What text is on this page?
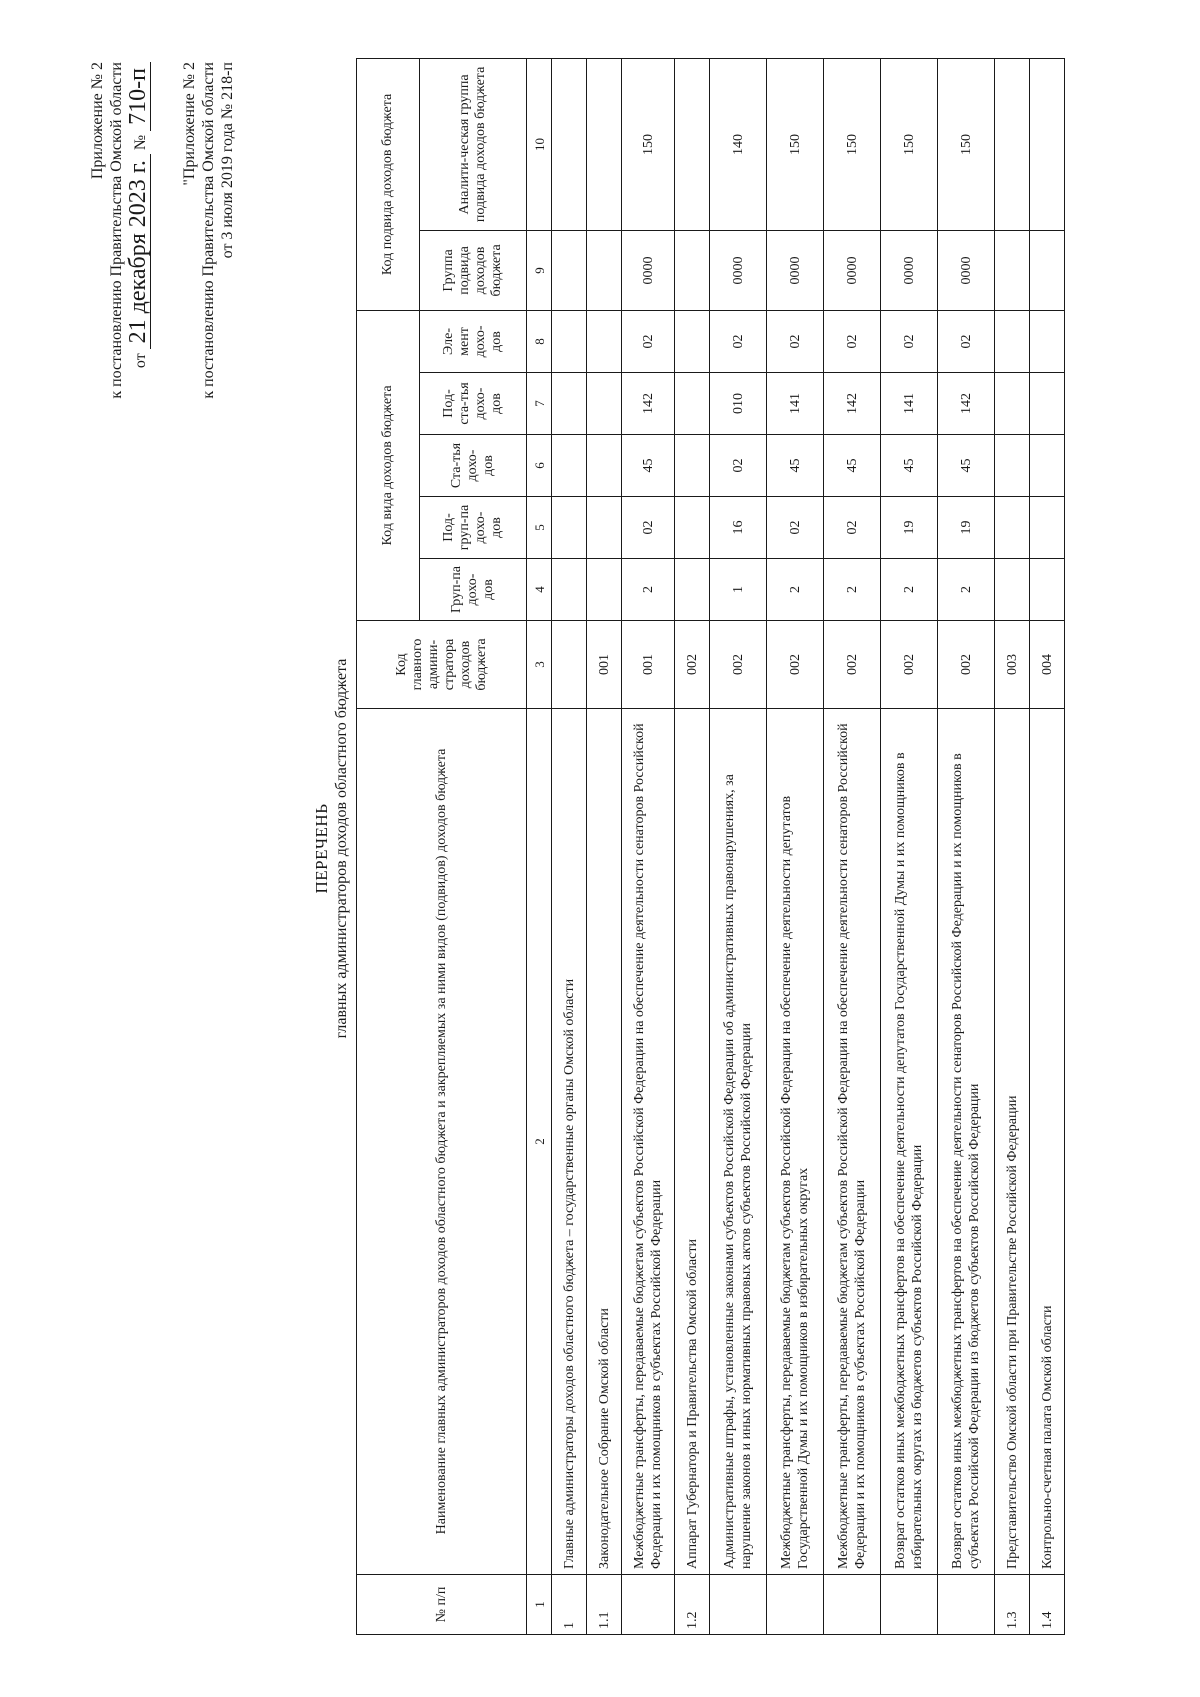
Приложение № 2 к постановлению Правительства Омской области от 21 декабря 2023 г. № 710-п "Приложение № 2 к постановлению Правительства Омской области от 3 июля 2019 года № 218-п
ПЕРЕЧЕНЬ главных администраторов доходов областного бюджета
№ п/п	Наименование главных администраторов доходов областного бюджета и закрепляемых за ними видов (подвидов) доходов бюджета	Код главного админи-стратора доходов бюджета	Код вида доходов бюджета					Код подвида доходов бюджета	
			Груп-па дохо-дов	Под-груп-па дохо-дов	Ста-тья дохо-дов	Под-ста-тья дохо-дов	Эле-мент дохо-дов	Группа подвида доходов бюджета	Аналити-ческая группа подвида доходов бюджета
1	2	3	4	5	6	7	8	9	10
1	Главные администраторы доходов областного бюджета – государственные органы Омской области								
1.1	Законодательное Собрание Омской области	001							
	Межбюджетные трансферты, передаваемые бюджетам субъектов Российской Федерации на обеспечение деятельности сенаторов Российской Федерации и их помощников в субъектах Российской Федерации	001	2	02	45	142	02	0000	150
1.2	Аппарат Губернатора и Правительства Омской области	002							
	Административные штрафы, установленные законами субъектов Российской Федерации об административных правонарушениях, за нарушение законов и иных нормативных правовых актов субъектов Российской Федерации	002	1	16	02	010	02	0000	140
	Межбюджетные трансферты, передаваемые бюджетам субъектов Российской Федерации на обеспечение деятельности депутатов Государственной Думы и их помощников в избирательных округах	002	2	02	45	141	02	0000	150
	Межбюджетные трансферты, передаваемые бюджетам субъектов Российской Федерации на обеспечение деятельности сенаторов Российской Федерации и их помощников в субъектах Российской Федерации	002	2	02	45	142	02	0000	150
	Возврат остатков иных межбюджетных трансфертов на обеспечение деятельности депутатов Государственной Думы и их помощников в избирательных округах из бюджетов субъектов Российской Федерации	002	2	19	45	141	02	0000	150
	Возврат остатков иных межбюджетных трансфертов на обеспечение деятельности сенаторов Российской Федерации и их помощников в субъектах Российской Федерации из бюджетов субъектов Российской Федерации	002	2	19	45	142	02	0000	150
1.3	Представительство Омской области при Правительстве Российской Федерации	003							
1.4	Контрольно-счетная палата Омской области	004							
